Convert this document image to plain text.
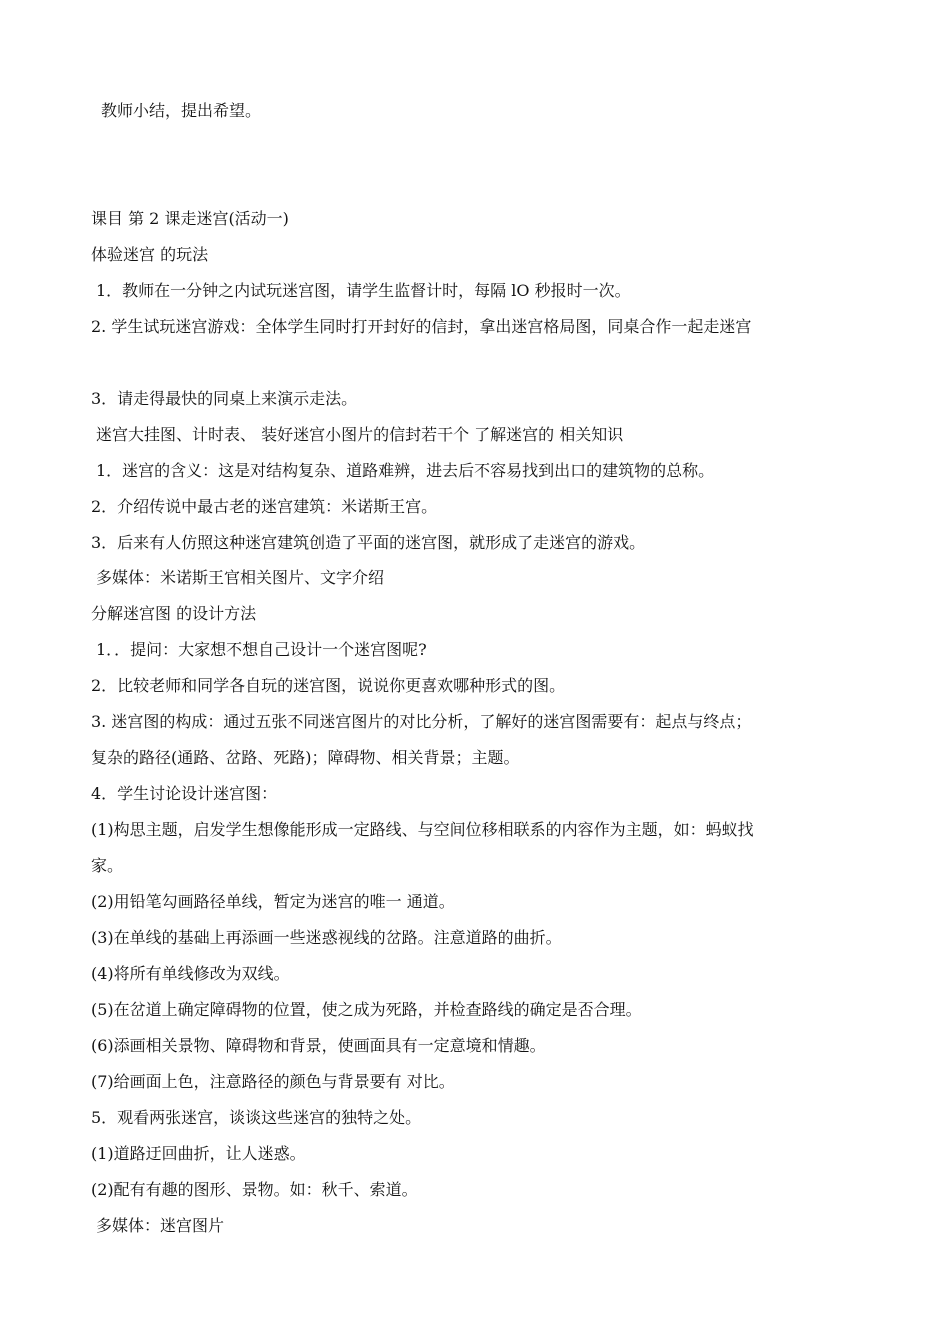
教师小结，提出希望。
课目 第 2 课走迷宫(活动一)
体验迷宫 的玩法
1．教师在一分钟之内试玩迷宫图，请学生监督计时，每隔 lO 秒报时一次。
2. 学生试玩迷宫游戏：全体学生同时打开封好的信封，拿出迷宫格局图，同桌合作一起走迷宫
3．请走得最快的同桌上来演示走法。
迷宫大挂图、计时表、 装好迷宫小图片的信封若干个 了解迷宫的 相关知识
1．迷宫的含义：这是对结构复杂、道路难辨，进去后不容易找到出口的建筑物的总称。
2．介绍传说中最古老的迷宫建筑：米诺斯王宫。
3．后来有人仿照这种迷宫建筑创造了平面的迷宫图，就形成了走迷宫的游戏。
多媒体：米诺斯王官相关图片、文字介绍
分解迷宫图 的设计方法
1．．提问：大家想不想自己设计一个迷宫图呢?
2．比较老师和同学各自玩的迷宫图，说说你更喜欢哪种形式的图。
3. 迷宫图的构成：通过五张不同迷宫图片的对比分析，了解好的迷宫图需要有：起点与终点；
复杂的路径(通路、岔路、死路)；障碍物、相关背景；主题。
4．学生讨论设计迷宫图：
(1)构思主题，启发学生想像能形成一定路线、与空间位移相联系的内容作为主题，如：蚂蚁找
家。
(2)用铅笔勾画路径单线，暂定为迷宫的唯一 通道。
(3)在单线的基础上再添画一些迷惑视线的岔路。注意道路的曲折。
(4)将所有单线修改为双线。
(5)在岔道上确定障碍物的位置，使之成为死路，并检查路线的确定是否合理。
(6)添画相关景物、障碍物和背景，使画面具有一定意境和情趣。
(7)给画面上色，注意路径的颜色与背景要有 对比。
5．观看两张迷宫，谈谈这些迷宫的独特之处。
(1)道路迂回曲折，让人迷惑。
(2)配有有趣的图形、景物。如：秋千、索道。
多媒体：迷宫图片
